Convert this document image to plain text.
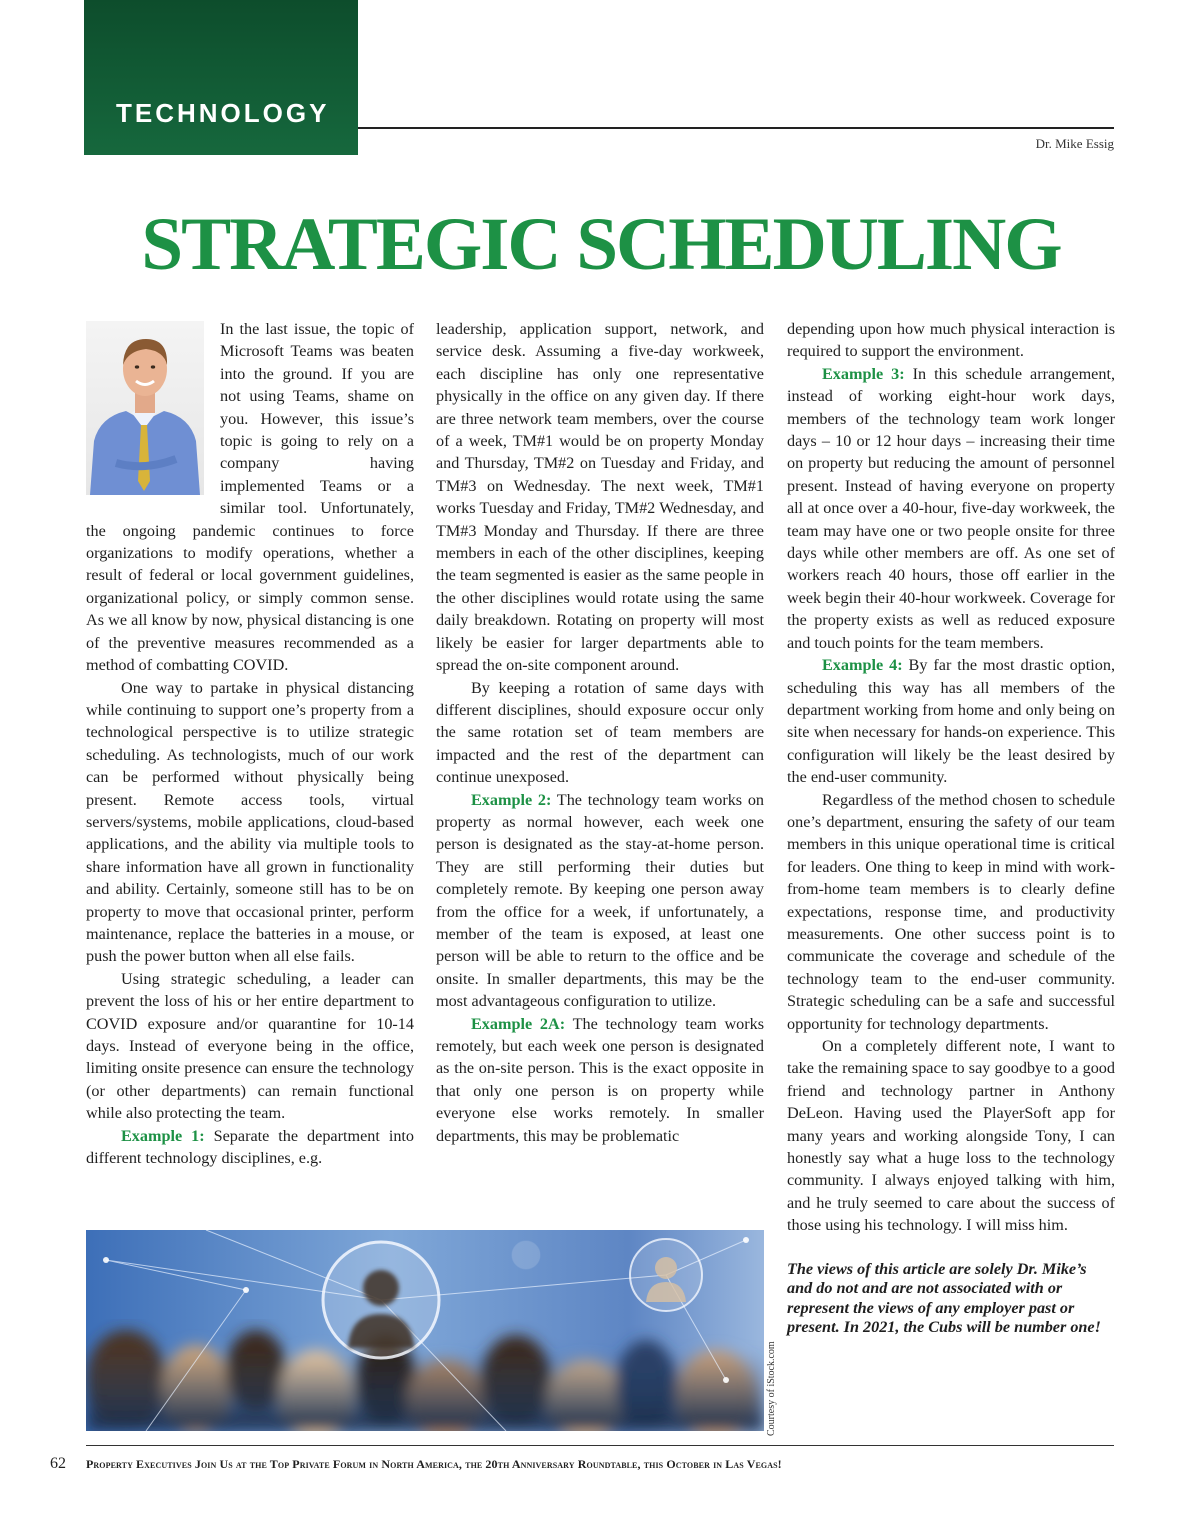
TECHNOLOGY
Dr. Mike Essig
STRATEGIC SCHEDULING

In the last issue, the topic of Microsoft Teams was beaten into the ground. If you are not using Teams, shame on you. However, this issue’s topic is going to rely on a company having implemented Teams or a similar tool. Unfortunately, the ongoing pandemic continues to force organizations to modify operations, whether a result of federal or local government guidelines, organizational policy, or simply common sense. As we all know by now, physical distancing is one of the preventive measures recommended as a method of combatting COVID.

One way to partake in physical distancing while continuing to support one’s property from a technological perspective is to utilize strategic scheduling. As technologists, much of our work can be performed without physically being present. Remote access tools, virtual servers/systems, mobile applications, cloud-based applications, and the ability via multiple tools to share information have all grown in functionality and ability. Certainly, someone still has to be on property to move that occasional printer, perform maintenance, replace the batteries in a mouse, or push the power button when all else fails.

Using strategic scheduling, a leader can prevent the loss of his or her entire department to COVID exposure and/or quarantine for 10-14 days. Instead of everyone being in the office, limiting onsite presence can ensure the technology (or other departments) can remain functional while also protecting the team.

Example 1: Separate the department into different technology disciplines, e.g.

leadership, application support, network, and service desk. Assuming a five-day workweek, each discipline has only one representative physically in the office on any given day. If there are three network team members, over the course of a week, TM#1 would be on property Monday and Thursday, TM#2 on Tuesday and Friday, and TM#3 on Wednesday. The next week, TM#1 works Tuesday and Friday, TM#2 Wednesday, and TM#3 Monday and Thursday. If there are three members in each of the other disciplines, keeping the team segmented is easier as the same people in the other disciplines would rotate using the same daily breakdown. Rotating on property will most likely be easier for larger departments able to spread the on-site component around.

By keeping a rotation of same days with different disciplines, should exposure occur only the same rotation set of team members are impacted and the rest of the department can continue unexposed.

Example 2: The technology team works on property as normal however, each week one person is designated as the stay-at-home person. They are still performing their duties but completely remote. By keeping one person away from the office for a week, if unfortunately, a member of the team is exposed, at least one person will be able to return to the office and be onsite. In smaller departments, this may be the most advantageous configuration to utilize.

Example 2A: The technology team works remotely, but each week one person is designated as the on-site person. This is the exact opposite in that only one person is on property while everyone else works remotely. In smaller departments, this may be problematic

depending upon how much physical interaction is required to support the environment.

Example 3: In this schedule arrangement, instead of working eight-hour work days, members of the technology team work longer days – 10 or 12 hour days – increasing their time on property but reducing the amount of personnel present. Instead of having everyone on property all at once over a 40-hour, five-day workweek, the team may have one or two people onsite for three days while other members are off. As one set of workers reach 40 hours, those off earlier in the week begin their 40-hour workweek. Coverage for the property exists as well as reduced exposure and touch points for the team members.

Example 4: By far the most drastic option, scheduling this way has all members of the department working from home and only being on site when necessary for hands-on experience. This configuration will likely be the least desired by the end-user community.

Regardless of the method chosen to schedule one’s department, ensuring the safety of our team members in this unique operational time is critical for leaders. One thing to keep in mind with work-from-home team members is to clearly define expectations, response time, and productivity measurements. One other success point is to communicate the coverage and schedule of the technology team to the end-user community. Strategic scheduling can be a safe and successful opportunity for technology departments.

On a completely different note, I want to take the remaining space to say goodbye to a good friend and technology partner in Anthony DeLeon. Having used the PlayerSoft app for many years and working alongside Tony, I can honestly say what a huge loss to the technology community. I always enjoyed talking with him, and he truly seemed to care about the success of those using his technology. I will miss him.

The views of this article are solely Dr. Mike’s and do not and are not associated with or represent the views of any employer past or present. In 2021, the Cubs will be number one!

Courtesy of iStock.com
62 Property Executives Join Us at the Top Private Forum in North America, the 20th Anniversary Roundtable, this October in Las Vegas!
